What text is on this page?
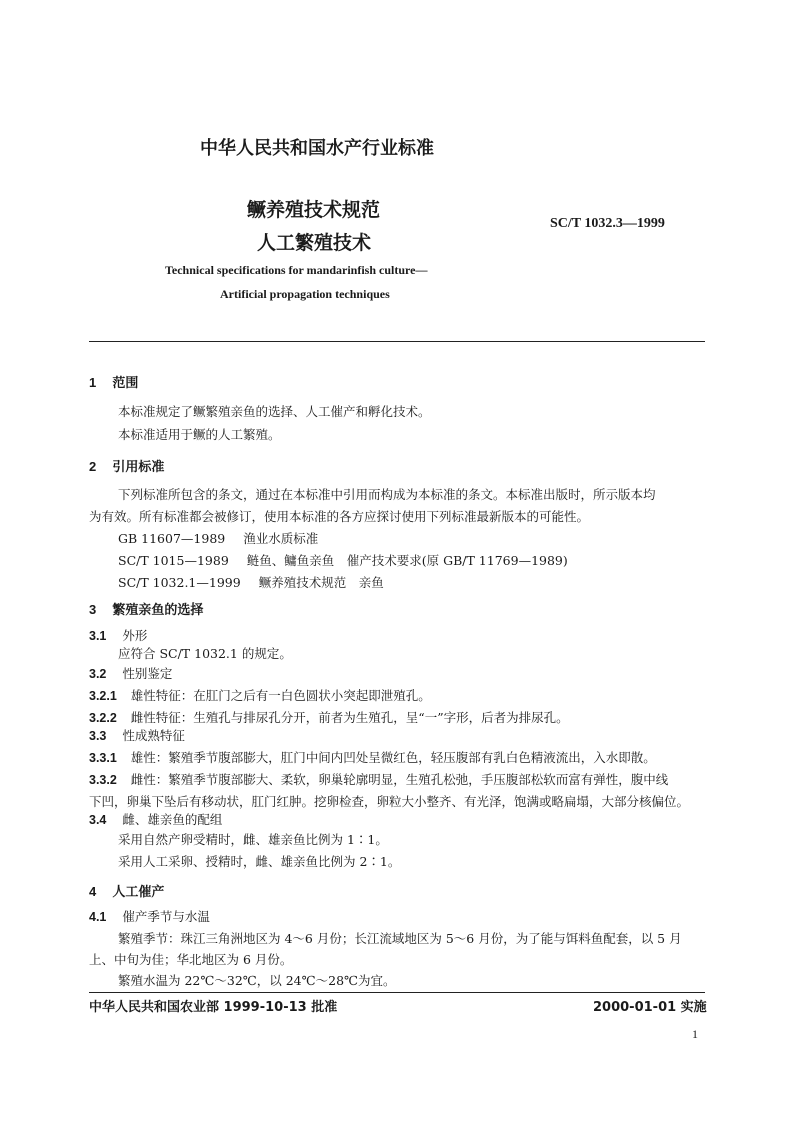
中华人民共和国水产行业标准
鳜养殖技术规范
人工繁殖技术
SC/T 1032.3—1999
Technical specifications for mandarinfish culture—
Artificial propagation techniques
1 范围
本标准规定了鳜繁殖亲鱼的选择、人工催产和孵化技术。
本标准适用于鳜的人工繁殖。
2 引用标准
下列标准所包含的条文，通过在本标准中引用而构成为本标准的条文。本标准出版时，所示版本均
为有效。所有标准都会被修订，使用本标准的各方应探讨使用下列标准最新版本的可能性。
GB 11607—1989 渔业水质标准
SC/T 1015—1989 鲢鱼、鳙鱼亲鱼　催产技术要求(原 GB/T 11769—1989)
SC/T 1032.1—1999 鳜养殖技术规范　亲鱼
3 繁殖亲鱼的选择
3.1 外形
应符合 SC/T 1032.1 的规定。
3.2 性别鉴定
3.2.1 雄性特征：在肛门之后有一白色圆状小突起即泄殖孔。
3.2.2 雌性特征：生殖孔与排尿孔分开，前者为生殖孔，呈“一”字形，后者为排尿孔。
3.3 性成熟特征
3.3.1 雄性：繁殖季节腹部膨大，肛门中间内凹处呈微红色，轻压腹部有乳白色精液流出，入水即散。
3.3.2 雌性：繁殖季节腹部膨大、柔软，卵巢轮廓明显，生殖孔松弛，手压腹部松软而富有弹性，腹中线
下凹，卵巢下坠后有移动状，肛门红肿。挖卵检查，卵粒大小整齐、有光泽，饱满或略扁塌，大部分核偏位。
3.4 雌、雄亲鱼的配组
采用自然产卵受精时，雌、雄亲鱼比例为 1∶1。
采用人工采卵、授精时，雌、雄亲鱼比例为 2∶1。
4 人工催产
4.1 催产季节与水温
繁殖季节：珠江三角洲地区为 4～6 月份；长江流域地区为 5～6 月份，为了能与饵料鱼配套，以 5 月
上、中旬为佳；华北地区为 6 月份。
繁殖水温为 22℃～32℃，以 24℃～28℃为宜。
中华人民共和国农业部 1999-10-13 批准	2000-01-01 实施
1
